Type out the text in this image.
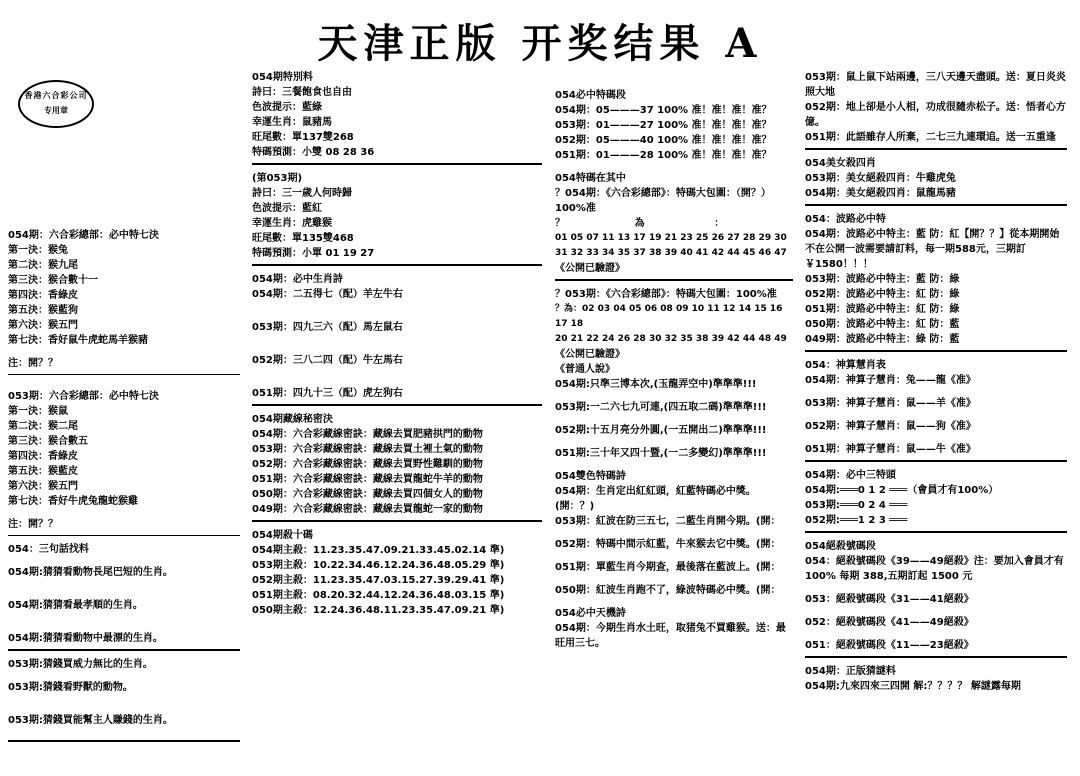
天津正版 开奖结果 A
香港六合彩公司
专用章
054期：六合彩總部：必中特七決
第一決：猴兔
第二決：猴九尾
第三決：猴合數十一
第四決：香綠皮
第五決：猴藍狗
第六決：猴五門
第七決：香好鼠牛虎蛇馬羊猴豬
注：開？？
053期：六合彩總部：必中特七決
第一決：猴鼠
第二決：猴二尾
第三決：猴合數五
第四決：香綠皮
第五決：猴藍皮
第六決：猴五門
第七決：香好牛虎兔龍蛇猴雞
注：開？？
054：三句話找料
054期:猜猜看動物長尾巴短的生肖。
054期:猜猜看最孝順的生肖。
054期:猜猜看動物中最漂的生肖。
053期:猜錢買威力無比的生肖。
053期:猜錢看野獸的動物。
053期:猜錢買能幫主人賺錢的生肖。
054期特別料
詩曰：三餐飽食也自由
色波提示：藍綠
幸運生肖：鼠豬馬
旺尾數：單137雙268
特碼預測：小雙 08 28 36
(第053期)
詩曰：三一歲人何時歸
色波提示：藍紅
幸運生肖：虎雞猴
旺尾數：單135雙468
特碼預測：小單 01 19 27
054期：必中生肖詩
054期：二五得七（配）羊左牛右
053期：四九三六（配）馬左鼠右
052期：三八二四（配）牛左馬右
051期：四九十三（配）虎左狗右
054期藏線秘密決
054期：六合彩藏線密訣：藏線去買肥豬拱門的動物
053期：六合彩藏線密訣：藏線去買土裡土氣的動物
052期：六合彩藏線密訣：藏線去買野性難馴的動物
051期：六合彩藏線密訣：藏線去買龍蛇牛羊的動物
050期：六合彩藏線密訣：藏線去買四個女人的動物
049期：六合彩藏線密訣：藏線去買龍蛇一家的動物
054期殺十碼
054期主殺：11.23.35.47.09.21.33.45.02.14 準)
053期主殺：10.22.34.46.12.24.36.48.05.29 準)
052期主殺：11.23.35.47.03.15.27.39.29.41 準)
051期主殺：08.20.32.44.12.24.36.48.03.15 準)
050期主殺：12.24.36.48.11.23.35.47.09.21 準)
054必中特碼段
054期：05———37 100% 准！准！准！准？
053期：01———27 100% 准！准！准！准？
052期：05———40 100% 准！准！准！准？
051期：01———28 100% 准！准！准！准？
054特碼在其中
？054期：《六合彩總部》：特碼大包圍：（開？）100%准
？                    為                    ：
01 05 07 11 13 17 19 21 23 25 26 27 28 29 30
31 32 33 34 35 37 38 39 40 41 42 44 45 46 47
《公開已驗證》
？053期：《六合彩總部》：特碼大包圍：100%准
？為：02 03 04 05 06 08 09 10 11 12 14 15 16 17 18
20 21 22 24 26 28 30 32 35 38 39 42 44 48 49
《公開已驗證》
《普通人說》
054期:只準三博本次,(玉龍弄空中)準準準!!!
053期:一二六七九可連,(四五取二碼)準準準!!!
052期:十五月亮分外圓,(一五開出二)準準準!!!
051期:三十年又四十暨,(一二多變幻)準準準!!!
054雙色特碼詩
054期：生肖定出紅紅頭，紅藍特碼必中獎。(開：？)
053期：紅波在防三五七，二藍生肖開今期。(開：
052期：特碼中間示紅藍，牛來猴去它中獎。(開：
051期：單藍生肖今期查，最後落在藍波上。(開：
050期：紅波生肖跑不了，綠波特碼必中獎。(開：
054必中天機詩
054期：今期生肖水土旺，取猪兔不買雞猴。送：最旺用三七。
053期：鼠上鼠下站兩邊，三八天邊天盡頭。送：夏日炎炎照大地
052期：地上卻是小人相，功成很隨赤松子。送：悟者心方億。
051期：此語雖存人所棄，二七三九連環追。送一五重逢
054美女殺四肖
053期：美女絕殺四肖：牛雞虎兔
054期：美女絕殺四肖：鼠龍馬豬
054：波路必中特
054期：波路必中特主：藍 防：紅【開？？】從本期開始不在公開一波需要請訂料，每一期588元，三期訂￥1580！！！
053期：波路必中特主：藍 防：綠
052期：波路必中特主：紅 防：綠
051期：波路必中特主：紅 防：綠
050期：波路必中特主：紅 防：藍
049期：波路必中特主：綠 防：藍
054：神算慧肖表
054期：神算子慧肖：兔——龍《准》
053期：神算子慧肖：鼠——羊《准》
052期：神算子慧肖：鼠——狗《准》
051期：神算子慧肖：鼠——牛《准》
054期：必中三特頭
054期:═══0 1 2 ═══（會員才有100%）
053期:═══0 2 4 ═══
052期:═══1 2 3 ═══
054絕殺號碼段
054：絕殺號碼段《39——49絕殺》注：要加入會員才有 100% 每期 388,五期訂起 1500 元
053：絕殺號碼段《31——41絕殺》
052：絕殺號碼段《41——49絕殺》
051：絕殺號碼段《11——23絕殺》
054期：正版猜謎料
054期:九來四來三四開 解:？？？？ 解謎露每期
